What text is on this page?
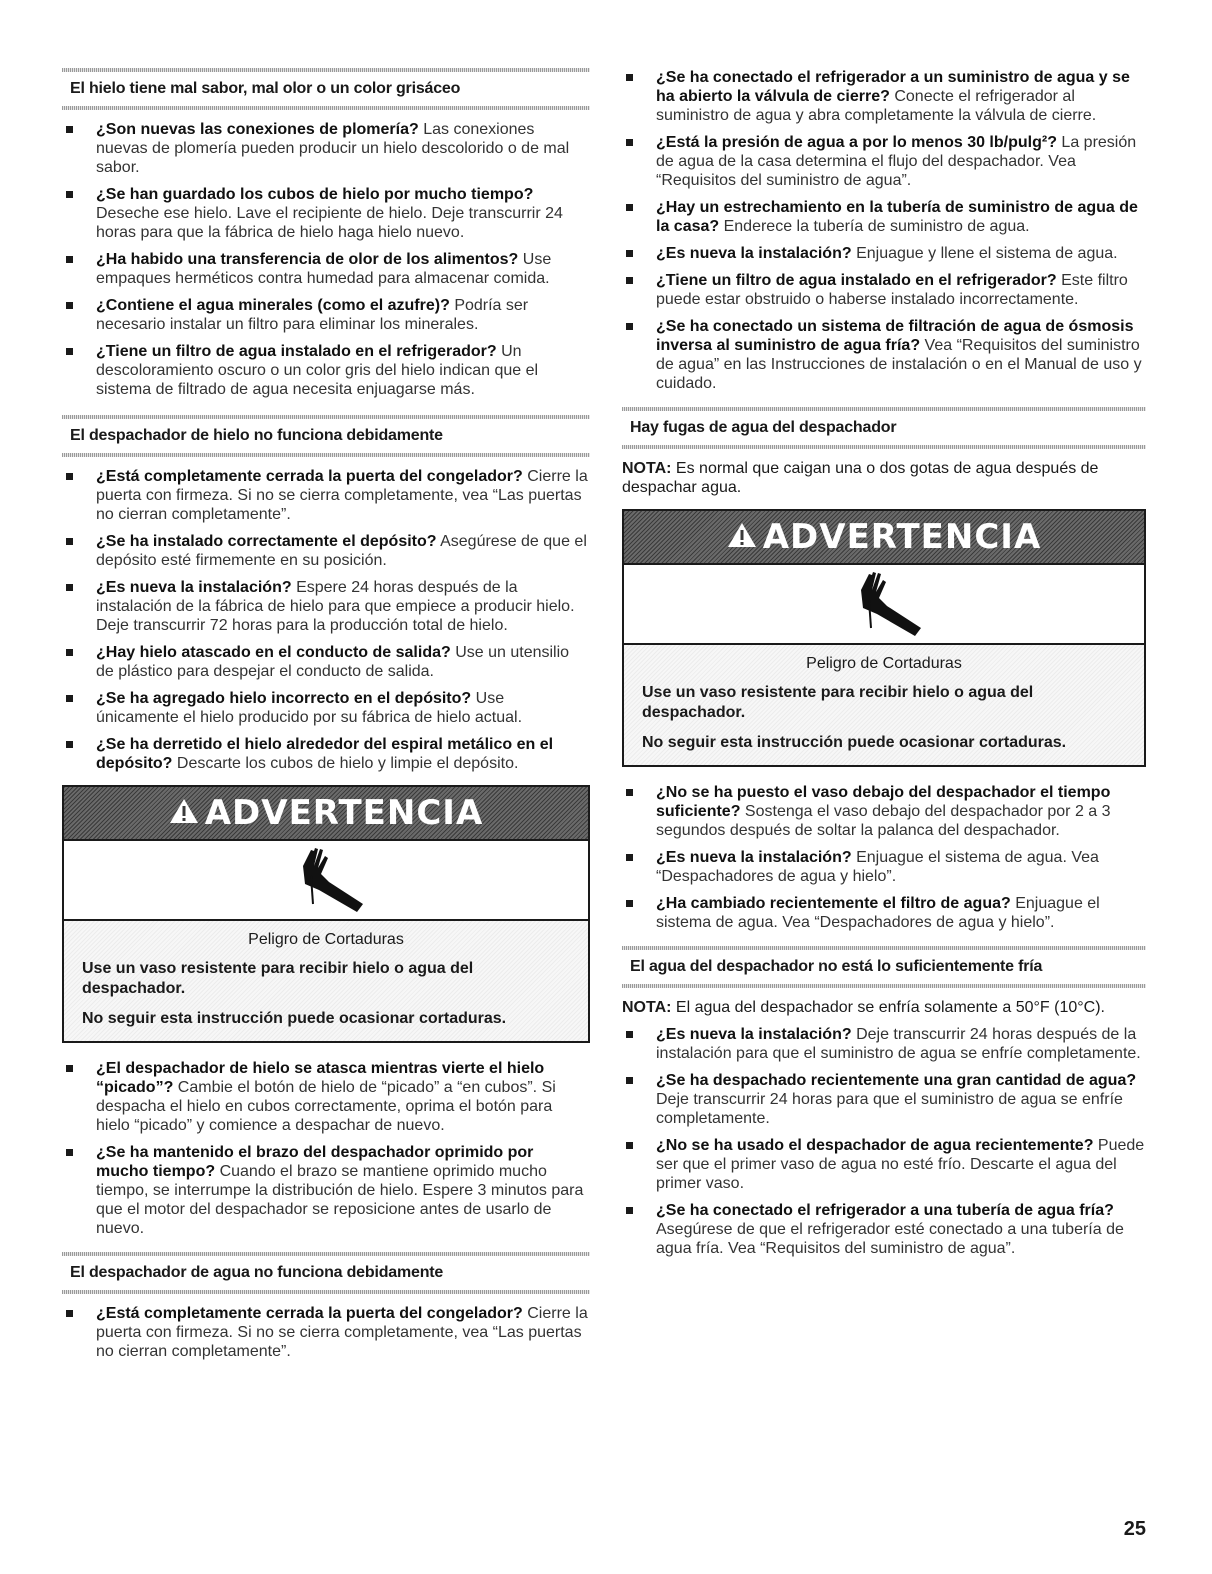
El hielo tiene mal sabor, mal olor o un color grisáceo
¿Son nuevas las conexiones de plomería? Las conexiones nuevas de plomería pueden producir un hielo descolorido o de mal sabor.
¿Se han guardado los cubos de hielo por mucho tiempo? Deseche ese hielo. Lave el recipiente de hielo. Deje transcurrir 24 horas para que la fábrica de hielo haga hielo nuevo.
¿Ha habido una transferencia de olor de los alimentos? Use empaques herméticos contra humedad para almacenar comida.
¿Contiene el agua minerales (como el azufre)? Podría ser necesario instalar un filtro para eliminar los minerales.
¿Tiene un filtro de agua instalado en el refrigerador? Un descoloramiento oscuro o un color gris del hielo indican que el sistema de filtrado de agua necesita enjuagarse más.
El despachador de hielo no funciona debidamente
¿Está completamente cerrada la puerta del congelador? Cierre la puerta con firmeza. Si no se cierra completamente, vea “Las puertas no cierran completamente”.
¿Se ha instalado correctamente el depósito? Asegúrese de que el depósito esté firmemente en su posición.
¿Es nueva la instalación? Espere 24 horas después de la instalación de la fábrica de hielo para que empiece a producir hielo. Deje transcurrir 72 horas para la producción total de hielo.
¿Hay hielo atascado en el conducto de salida? Use un utensilio de plástico para despejar el conducto de salida.
¿Se ha agregado hielo incorrecto en el depósito? Use únicamente el hielo producido por su fábrica de hielo actual.
¿Se ha derretido el hielo alrededor del espiral metálico en el depósito? Descarte los cubos de hielo y limpie el depósito.
ADVERTENCIA
Peligro de Cortaduras
Use un vaso resistente para recibir hielo o agua del despachador.
No seguir esta instrucción puede ocasionar cortaduras.
¿El despachador de hielo se atasca mientras vierte el hielo “picado”? Cambie el botón de hielo de “picado” a “en cubos”. Si despacha el hielo en cubos correctamente, oprima el botón para hielo “picado” y comience a despachar de nuevo.
¿Se ha mantenido el brazo del despachador oprimido por mucho tiempo? Cuando el brazo se mantiene oprimido mucho tiempo, se interrumpe la distribución de hielo. Espere 3 minutos para que el motor del despachador se reposicione antes de usarlo de nuevo.
El despachador de agua no funciona debidamente
¿Está completamente cerrada la puerta del congelador? Cierre la puerta con firmeza. Si no se cierra completamente, vea “Las puertas no cierran completamente”.
¿Se ha conectado el refrigerador a un suministro de agua y se ha abierto la válvula de cierre? Conecte el refrigerador al suministro de agua y abra completamente la válvula de cierre.
¿Está la presión de agua a por lo menos 30 lb/pulg²? La presión de agua de la casa determina el flujo del despachador. Vea “Requisitos del suministro de agua”.
¿Hay un estrechamiento en la tubería de suministro de agua de la casa? Enderece la tubería de suministro de agua.
¿Es nueva la instalación? Enjuague y llene el sistema de agua.
¿Tiene un filtro de agua instalado en el refrigerador? Este filtro puede estar obstruido o haberse instalado incorrectamente.
¿Se ha conectado un sistema de filtración de agua de ósmosis inversa al suministro de agua fría? Vea “Requisitos del suministro de agua” en las Instrucciones de instalación o en el Manual de uso y cuidado.
Hay fugas de agua del despachador

NOTA: Es normal que caigan una o dos gotas de agua después de despachar agua.

ADVERTENCIA
Peligro de Cortaduras
Use un vaso resistente para recibir hielo o agua del despachador.
No seguir esta instrucción puede ocasionar cortaduras.
¿No se ha puesto el vaso debajo del despachador el tiempo suficiente? Sostenga el vaso debajo del despachador por 2 a 3 segundos después de soltar la palanca del despachador.
¿Es nueva la instalación? Enjuague el sistema de agua. Vea “Despachadores de agua y hielo”.
¿Ha cambiado recientemente el filtro de agua? Enjuague el sistema de agua. Vea “Despachadores de agua y hielo”.
El agua del despachador no está lo suficientemente fría

NOTA: El agua del despachador se enfría solamente a 50°F (10°C).

¿Es nueva la instalación? Deje transcurrir 24 horas después de la instalación para que el suministro de agua se enfríe completamente.
¿Se ha despachado recientemente una gran cantidad de agua? Deje transcurrir 24 horas para que el suministro de agua se enfríe completamente.
¿No se ha usado el despachador de agua recientemente? Puede ser que el primer vaso de agua no esté frío. Descarte el agua del primer vaso.
¿Se ha conectado el refrigerador a una tubería de agua fría? Asegúrese de que el refrigerador esté conectado a una tubería de agua fría. Vea “Requisitos del suministro de agua”.
25
